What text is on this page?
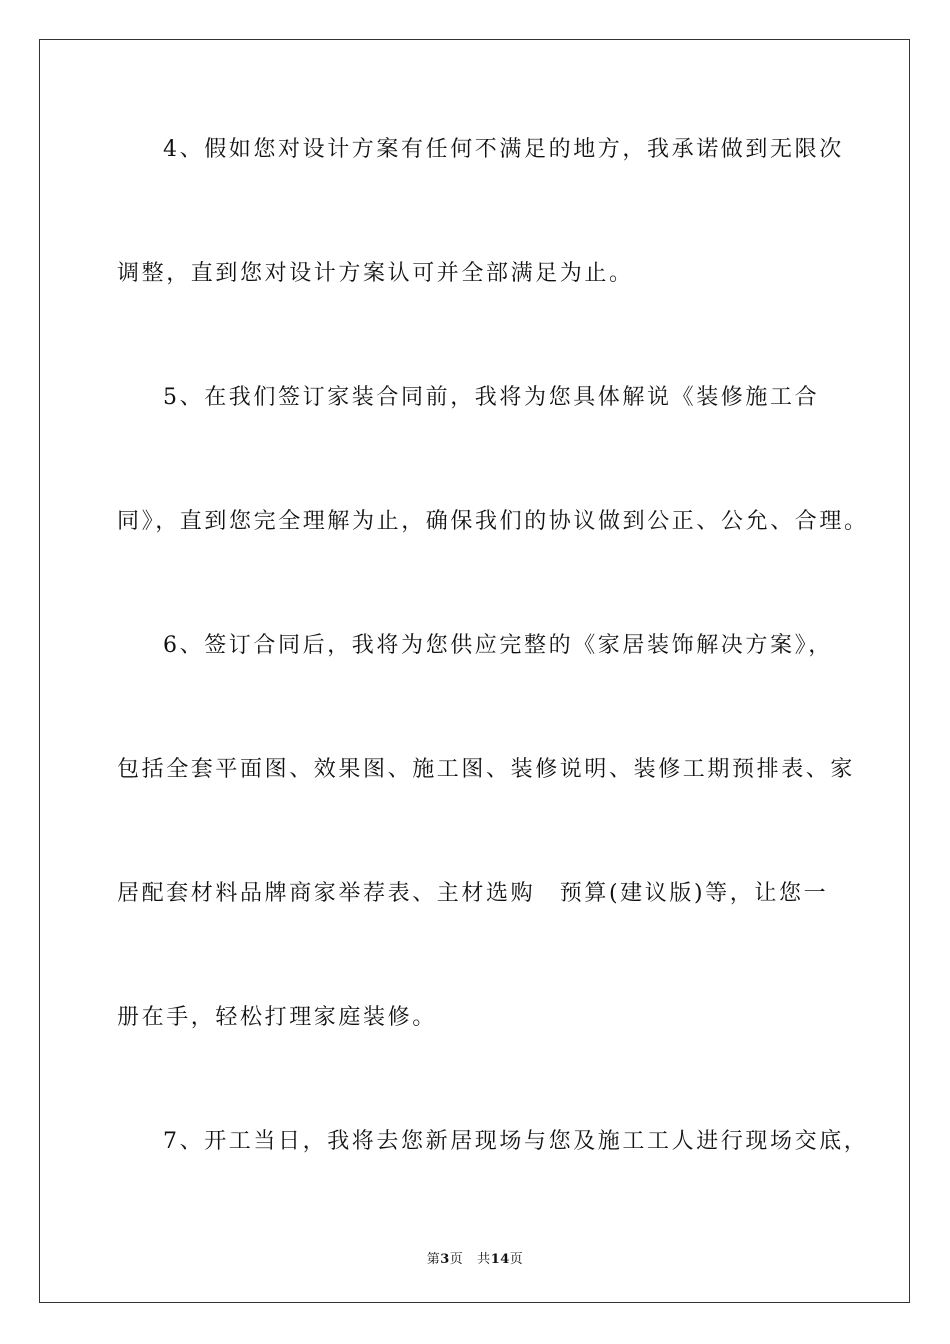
4、假如您对设计方案有任何不满足的地方，我承诺做到无限次
调整，直到您对设计方案认可并全部满足为止。
5、在我们签订家装合同前，我将为您具体解说《装修施工合
同》，直到您完全理解为止，确保我们的协议做到公正、公允、合理。
6、签订合同后，我将为您供应完整的《家居装饰解决方案》，
包括全套平面图、效果图、施工图、装修说明、装修工期预排表、家
居配套材料品牌商家举荐表、主材选购　预算(建议版)等，让您一
册在手，轻松打理家庭装修。
7、开工当日，我将去您新居现场与您及施工工人进行现场交底，
第3页 共14页
